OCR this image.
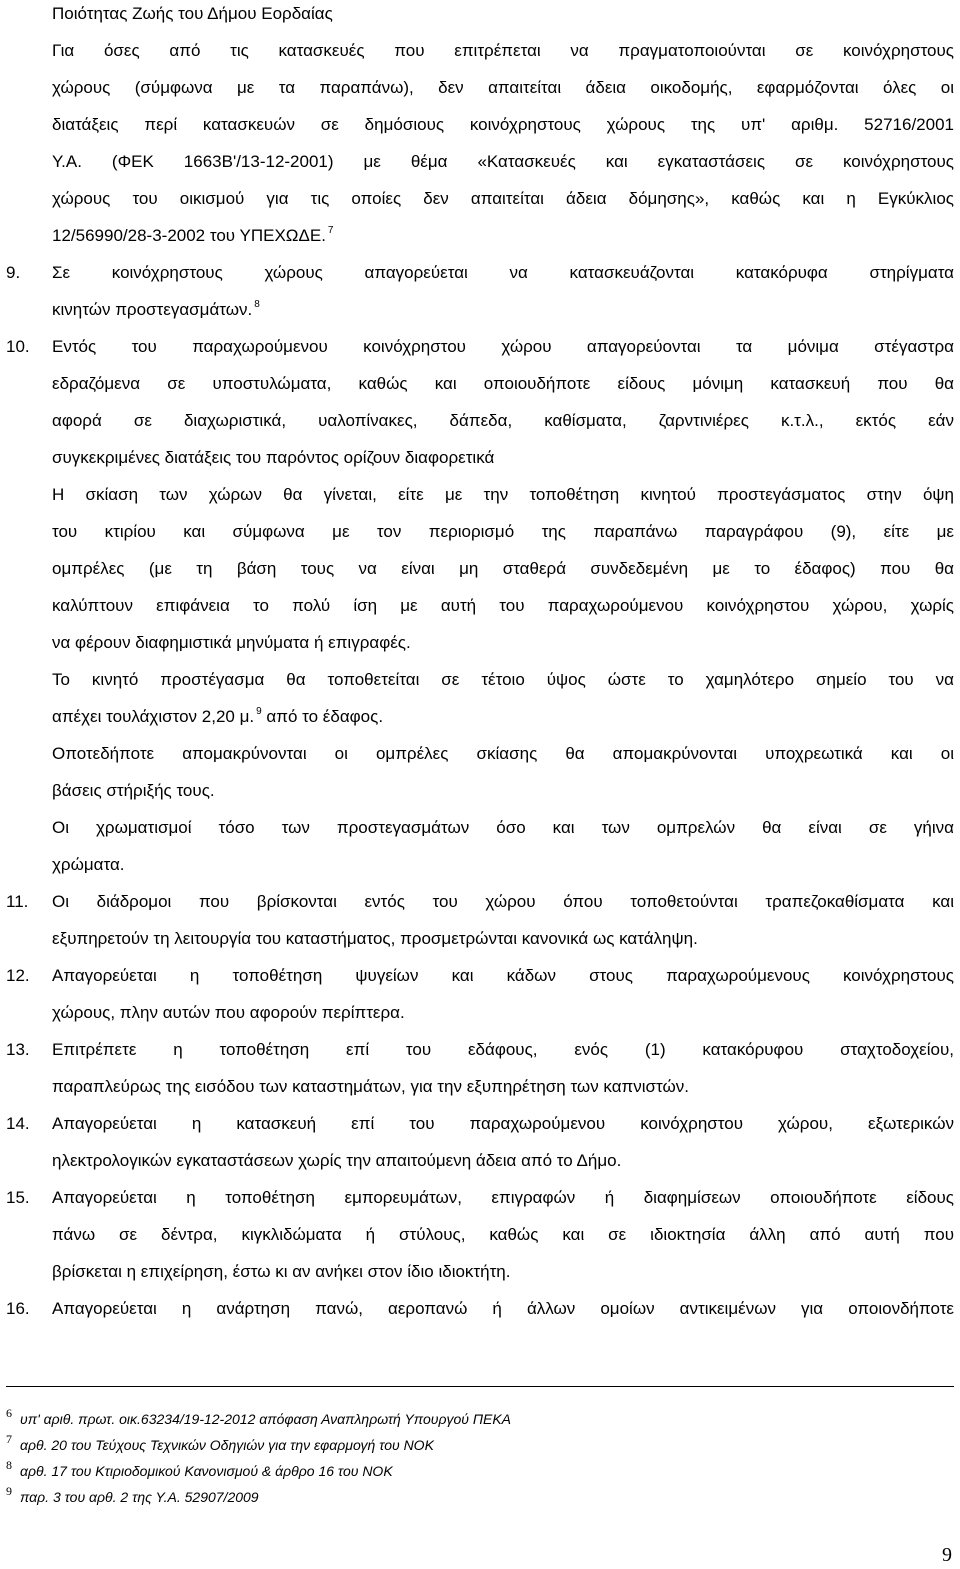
Ποιότητας Ζωής του Δήμου Εορδαίας
Για όσες από τις κατασκευές που επιτρέπεται να πραγματοποιούνται σε κοινόχρηστους
χώρους (σύμφωνα με τα παραπάνω), δεν απαιτείται άδεια οικοδομής, εφαρμόζονται όλες οι
διατάξεις περί κατασκευών σε δημόσιους κοινόχρηστους χώρους της υπ' αριθμ. 52716/2001
Υ.Α. (ΦΕΚ 1663Β'/13-12-2001) με θέμα «Κατασκευές και εγκαταστάσεις σε κοινόχρηστους
χώρους του οικισμού για τις οποίες δεν απαιτείται άδεια δόμησης», καθώς και η Εγκύκλιος
12/56990/28-3-2002 του ΥΠΕΧΩΔΕ. $^7$
9. Σε κοινόχρηστους χώρους απαγορεύεται να κατασκευάζονται κατακόρυφα στηρίγματα
κινητών προστεγασμάτων. $^8$
10. Εντός του παραχωρούμενου κοινόχρηστου χώρου απαγορεύονται τα μόνιμα στέγαστρα
εδραζόμενα σε υποστυλώματα, καθώς και οποιουδήποτε είδους μόνιμη κατασκευή που θα
αφορά σε διαχωριστικά, υαλοπίνακες, δάπεδα, καθίσματα, ζαρντινιέρες κ.τ.λ., εκτός εάν
συγκεκριμένες διατάξεις του παρόντος ορίζουν διαφορετικά
Η σκίαση των χώρων θα γίνεται, είτε με την τοποθέτηση κινητού προστεγάσματος στην όψη
του κτιρίου και σύμφωνα με τον περιορισμό της παραπάνω παραγράφου (9), είτε με
ομπρέλες (με τη βάση τους να είναι μη σταθερά συνδεδεμένη με το έδαφος) που θα
καλύπτουν επιφάνεια το πολύ ίση με αυτή του παραχωρούμενου κοινόχρηστου χώρου, χωρίς
να φέρουν διαφημιστικά μηνύματα ή επιγραφές.
Το κινητό προστέγασμα θα τοποθετείται σε τέτοιο ύψος ώστε το χαμηλότερο σημείο του να
απέχει τουλάχιστον 2,20 μ. $^9$ από το έδαφος.
Οποτεδήποτε απομακρύνονται οι ομπρέλες σκίασης θα απομακρύνονται υποχρεωτικά και οι
βάσεις στήριξής τους.
Οι χρωματισμοί τόσο των προστεγασμάτων όσο και των ομπρελών θα είναι σε γήινα
χρώματα.
11. Οι διάδρομοι που βρίσκονται εντός του χώρου όπου τοποθετούνται τραπεζοκαθίσματα και
εξυπηρετούν τη λειτουργία του καταστήματος, προσμετρώνται κανονικά ως κατάληψη.
12. Απαγορεύεται η τοποθέτηση ψυγείων και κάδων στους παραχωρούμενους κοινόχρηστους
χώρους, πλην αυτών που αφορούν περίπτερα.
13. Επιτρέπετε η τοποθέτηση επί του εδάφους, ενός (1) κατακόρυφου σταχτοδοχείου,
παραπλεύρως της εισόδου των καταστημάτων, για την εξυπηρέτηση των καπνιστών.
14. Απαγορεύεται η κατασκευή επί του παραχωρούμενου κοινόχρηστου χώρου, εξωτερικών
ηλεκτρολογικών εγκαταστάσεων χωρίς την απαιτούμενη άδεια από το Δήμο.
15. Απαγορεύεται η τοποθέτηση εμπορευμάτων, επιγραφών ή διαφημίσεων οποιουδήποτε είδους
πάνω σε δέντρα, κιγκλιδώματα ή στύλους, καθώς και σε ιδιοκτησία άλλη από αυτή που
βρίσκεται η επιχείρηση, έστω κι αν ανήκει στον ίδιο ιδιοκτήτη.
16. Απαγορεύεται η ανάρτηση πανώ, αεροπανώ ή άλλων ομοίων αντικειμένων για οποιονδήποτε
6 υπ' αριθ. πρωτ. οικ.63234/19-12-2012 απόφαση Αναπληρωτή Υπουργού ΠΕΚΑ
7 αρθ. 20 του Τεύχους Τεχνικών Οδηγιών για την εφαρμογή του ΝΟΚ
8 αρθ. 17 του Κτιριοδομικού Κανονισμού & άρθρο 16 του ΝΟΚ
9 παρ. 3 του αρθ. 2 της Υ.Α. 52907/2009
9
